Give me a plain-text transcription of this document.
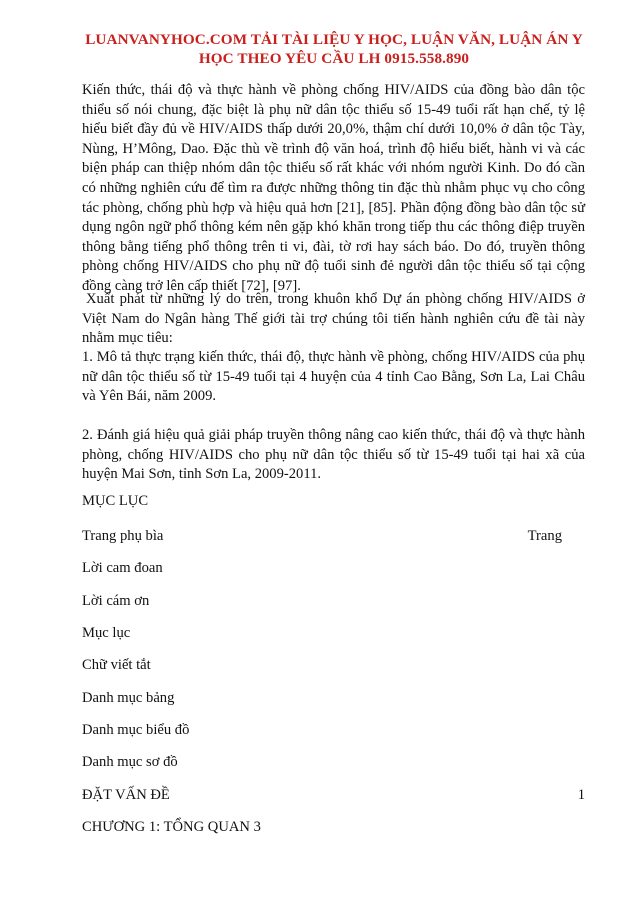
LUANVANYHOC.COM TẢI TÀI LIỆU Y HỌC, LUẬN VĂN, LUẬN ÁN Y
HỌC THEO YÊU CẦU LH 0915.558.890

Kiến thức, thái độ và thực hành về phòng chống HIV/AIDS của đồng bào dân tộc thiểu số nói chung, đặc biệt là phụ nữ dân tộc thiểu số 15-49 tuổi rất hạn chế, tỷ lệ hiểu biết đầy đủ về HIV/AIDS thấp dưới 20,0%, thậm chí dưới 10,0% ở dân tộc Tày, Nùng, H’Mông, Dao. Đặc thù về trình độ văn hoá, trình độ hiểu biết, hành vi và các biện pháp can thiệp nhóm dân tộc thiểu số rất khác với nhóm người Kinh. Do đó cần có những nghiên cứu để tìm ra được những thông tin đặc thù nhằm phục vụ cho công tác phòng, chống phù hợp và hiệu quả hơn [21], [85]. Phần động đồng bào dân tộc sử dụng ngôn ngữ phổ thông kém nên gặp khó khăn trong tiếp thu các thông điệp truyền thông bằng tiếng phổ thông trên ti vi, đài, tờ rơi hay sách báo. Do đó, truyền thông phòng chống HIV/AIDS cho phụ nữ độ tuổi sinh đẻ người dân tộc thiểu số tại cộng đồng càng trở lên cấp thiết [72], [97].

Xuất phát từ những lý do trên, trong khuôn khổ Dự án phòng chống HIV/AIDS ở Việt Nam do Ngân hàng Thế giới tài trợ chúng tôi tiến hành nghiên cứu đề tài này nhằm mục tiêu:

1. Mô tả thực trạng kiến thức, thái độ, thực hành về phòng, chống HIV/AIDS của phụ nữ dân tộc thiểu số từ 15-49 tuổi tại 4 huyện của 4 tỉnh Cao Bằng, Sơn La, Lai Châu và Yên Bái, năm 2009.

2. Đánh giá hiệu quả giải pháp truyền thông nâng cao kiến thức, thái độ và thực hành phòng, chống HIV/AIDS cho phụ nữ dân tộc thiểu số từ 15-49 tuổi tại hai xã của huyện Mai Sơn, tỉnh Sơn La, 2009-2011.

MỤC LỤC
Trang phụ bìa	Trang
Lời cam đoan
Lời cám ơn
Mục lục
Chữ viết tắt
Danh mục bảng
Danh mục biểu đồ
Danh mục sơ đồ
ĐẶT VẤN ĐỀ	1
CHƯƠNG 1: TỔNG QUAN 3
